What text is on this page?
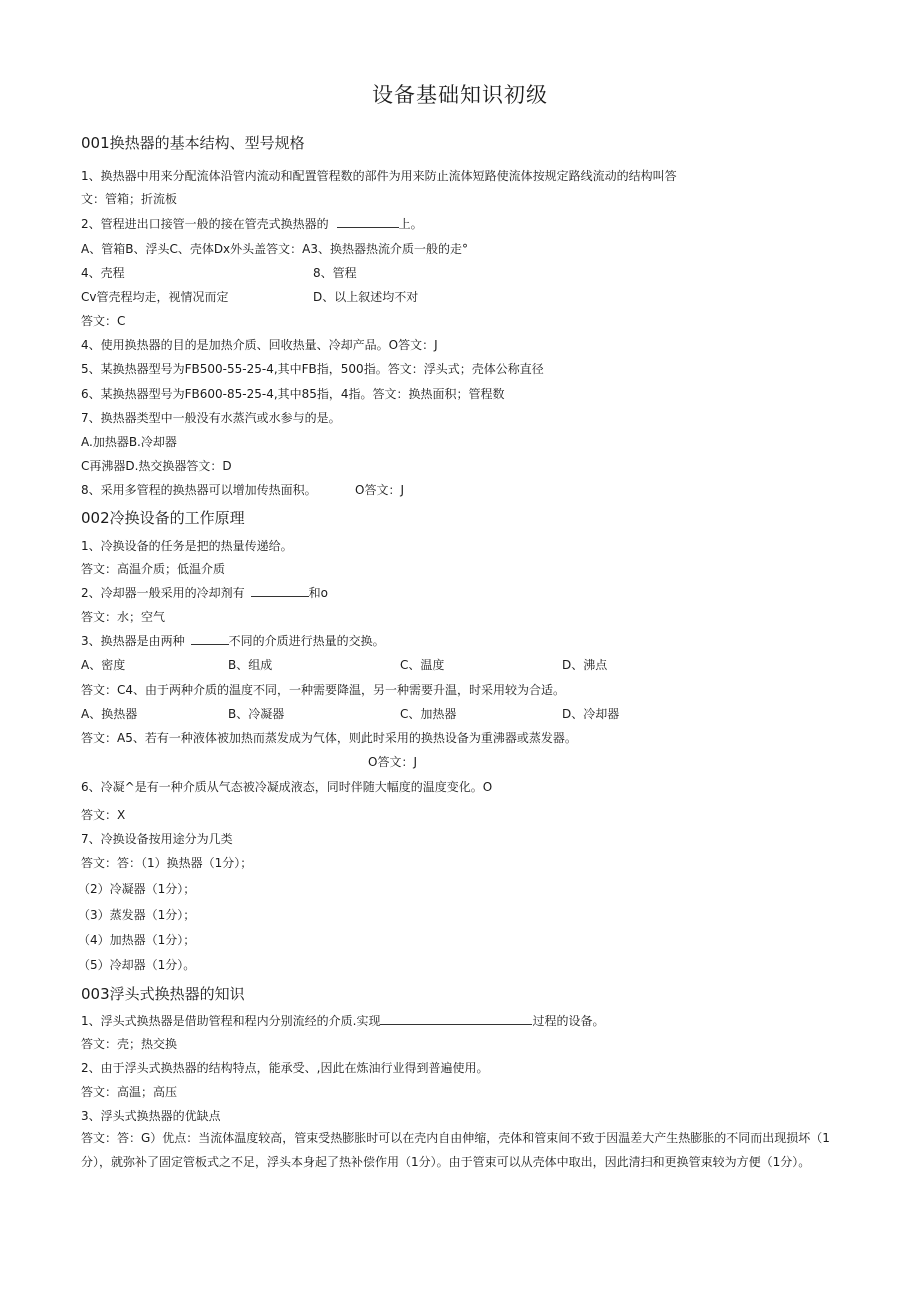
设备基础知识初级
001换热器的基本结构、型号规格
1、换热器中用来分配流体沿管内流动和配置管程数的部件为用来防止流体短路使流体按规定路线流动的结构叫答
文：管箱；折流板
2、管程进出口接管一般的接在管壳式换热器的	上。
A、管箱B、浮头C、壳体Dx外头盖答文：A3、换热器热流介质一般的走°
4、壳程	8、管程
Cv管壳程均走，视情况而定	D、以上叙述均不对
答文：C
4、使用换热器的目的是加热介质、回收热量、冷却产品。O答文：J
5、某换热器型号为FB500-55-25-4,其中FB指，500指。答文：浮头式；壳体公称直径
6、某换热器型号为FB600-85-25-4,其中85指，4指。答文：换热面积；管程数
7、换热器类型中一般没有水蒸汽或水参与的是。
A.加热器B.冷却器
C再沸器D.热交换器答文：D
8、采用多管程的换热器可以增加传热面积。	O答文：J
002冷换设备的工作原理
1、冷换设备的任务是把的热量传递给。
答文：高温介质；低温介质
2、冷却器一般采用的冷却剂有	和o
答文：水；空气
3、换热器是由两种	不同的介质进行热量的交换。
A、密度	B、组成	C、温度	D、沸点
答文：C4、由于两种介质的温度不同，一种需要降温，另一种需要升温，时采用较为合适。
A、换热器	B、冷凝器	C、加热器	D、冷却器
答文：A5、若有一种液体被加热而蒸发成为气体，则此时采用的换热设备为重沸器或蒸发器。
O答文：J
6、冷凝^是有一种介质从气态被冷凝成液态，同时伴随大幅度的温度变化。O
答文：X
7、冷换设备按用途分为几类
答文：答：（1）换热器（1分）；
（2）冷凝器（1分）；
（3）蒸发器（1分）；
（4）加热器（1分）；
（5）冷却器（1分）。
003浮头式换热器的知识
1、浮头式换热器是借助管程和程内分别流经的介质.实现	过程的设备。
答文：壳；热交换
2、由于浮头式换热器的结构特点，能承受、,因此在炼油行业得到普遍使用。
答文：高温；高压
3、浮头式换热器的优缺点
答文：答：G）优点：当流体温度较高，管束受热膨胀时可以在壳内自由伸缩，壳体和管束间不致于因温差大产生热膨胀的不同而出现损坏（1分），就弥补了固定管板式之不足，浮头本身起了热补偿作用（1分）。由于管束可以从壳体中取出，因此清扫和更换管束较为方便（1分）。
